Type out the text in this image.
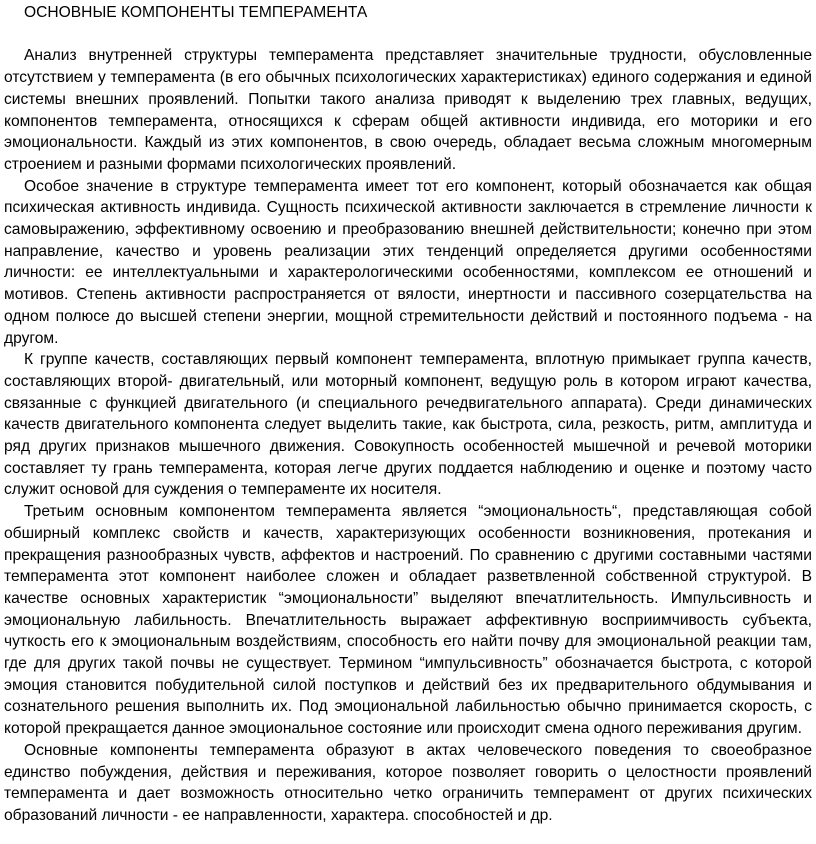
ОСНОВНЫЕ КОМПОНЕНТЫ ТЕМПЕРАМЕНТА

Анализ внутренней структуры темперамента представляет значительные трудности, обусловленные отсутствием у темперамента (в его обычных психологических характеристиках) единого содержания и единой системы внешних проявлений. Попытки такого анализа приводят к выделению трех главных, ведущих, компонентов темперамента, относящихся к сферам общей активности индивида, его моторики и его эмоциональности. Каждый из этих компонентов, в свою очередь, обладает весьма сложным многомерным строением и разными формами психологических проявлений.

Особое значение в структуре темперамента имеет тот его компонент, который обозначается как общая психическая активность индивида. Сущность психической активности заключается в стремление личности к самовыражению, эффективному освоению и преобразованию внешней действительности; конечно при этом направление, качество и уровень реализации этих тенденций определяется другими особенностями личности: ее интеллектуальными и характерологическими особенностями, комплексом ее отношений и мотивов. Степень активности распространяется от вялости, инертности и пассивного созерцательства на одном полюсе до высшей степени энергии, мощной стремительности действий и постоянного подъема - на другом.

К группе качеств, составляющих первый компонент темперамента, вплотную примыкает группа качеств, составляющих второй- двигательный, или моторный компонент, ведущую роль в котором играют качества, связанные с функцией двигательного (и специального речедвигательного аппарата). Среди динамических качеств двигательного компонента следует выделить такие, как быстрота, сила, резкость, ритм, амплитуда и ряд других признаков мышечного движения. Совокупность особенностей мышечной и речевой моторики составляет ту грань темперамента, которая легче других поддается наблюдению и оценке и поэтому часто служит основой для суждения о темпераменте их носителя.

Третьим основным компонентом темперамента является “эмоциональность“, представляющая собой обширный комплекс свойств и качеств, характеризующих особенности возникновения, протекания и прекращения разнообразных чувств, аффектов и настроений. По сравнению с другими составными частями темперамента этот компонент наиболее сложен и обладает разветвленной собственной структурой. В качестве основных характеристик “эмоциональности” выделяют впечатлительность. Импульсивность и эмоциональную лабильность. Впечатлительность выражает аффективную восприимчивость субъекта, чуткость его к эмоциональным воздействиям, способность его найти почву для эмоциональной реакции там, где для других такой почвы не существует. Термином “импульсивность” обозначается быстрота, с которой эмоция становится побудительной силой поступков и действий без их предварительного обдумывания и сознательного решения выполнить их. Под эмоциональной лабильностью обычно принимается скорость, с которой прекращается данное эмоциональное состояние или происходит смена одного переживания другим.

Основные компоненты темперамента образуют в актах человеческого поведения то своеобразное единство побуждения, действия и переживания, которое позволяет говорить о целостности проявлений темперамента и дает возможность относительно четко ограничить темперамент от других психических образований личности - ее направленности, характера. способностей и др.
